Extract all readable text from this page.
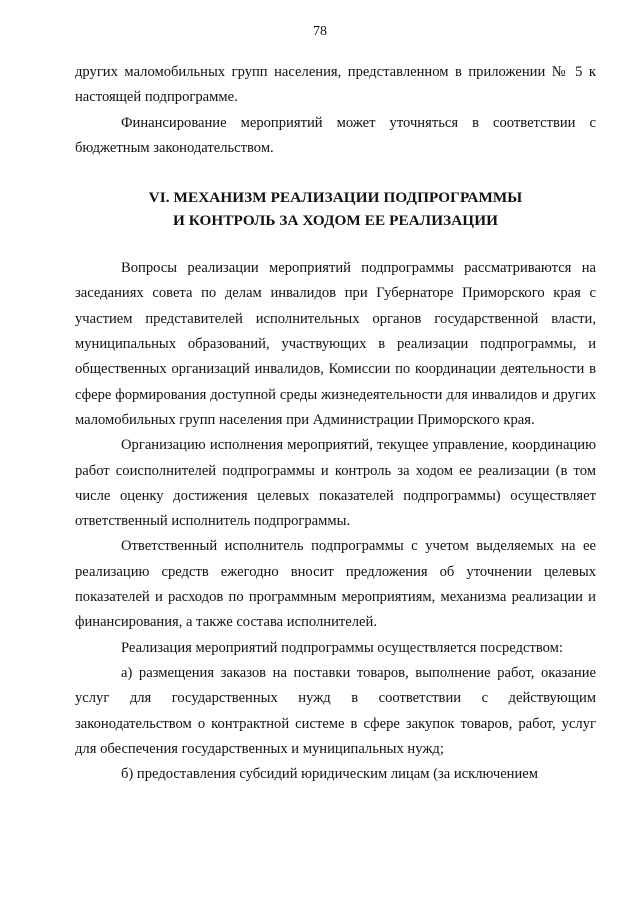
78

других маломобильных групп населения, представленном в приложении № 5 к настоящей подпрограмме.

Финансирование мероприятий может уточняться в соответствии с бюджетным законодательством.

VI. МЕХАНИЗМ РЕАЛИЗАЦИИ ПОДПРОГРАММЫ
И КОНТРОЛЬ ЗА ХОДОМ ЕЕ РЕАЛИЗАЦИИ

Вопросы реализации мероприятий подпрограммы рассматриваются на заседаниях совета по делам инвалидов при Губернаторе Приморского края с участием представителей исполнительных органов государственной власти, муниципальных образований, участвующих в реализации подпрограммы, и общественных организаций инвалидов, Комиссии по координации деятельности в сфере формирования доступной среды жизнедеятельности для инвалидов и других маломобильных групп населения при Администрации Приморского края.

Организацию исполнения мероприятий, текущее управление, координацию работ соисполнителей подпрограммы и контроль за ходом ее реализации (в том числе оценку достижения целевых показателей подпрограммы) осуществляет ответственный исполнитель подпрограммы.

Ответственный исполнитель подпрограммы с учетом выделяемых на ее реализацию средств ежегодно вносит предложения об уточнении целевых показателей и расходов по программным мероприятиям, механизма реализации и финансирования, а также состава исполнителей.

Реализация мероприятий подпрограммы осуществляется посредством:

а) размещения заказов на поставки товаров, выполнение работ, оказание услуг для государственных нужд в соответствии с действующим законодательством о контрактной системе в сфере закупок товаров, работ, услуг для обеспечения государственных и муниципальных нужд;

б) предоставления субсидий юридическим лицам (за исключением
